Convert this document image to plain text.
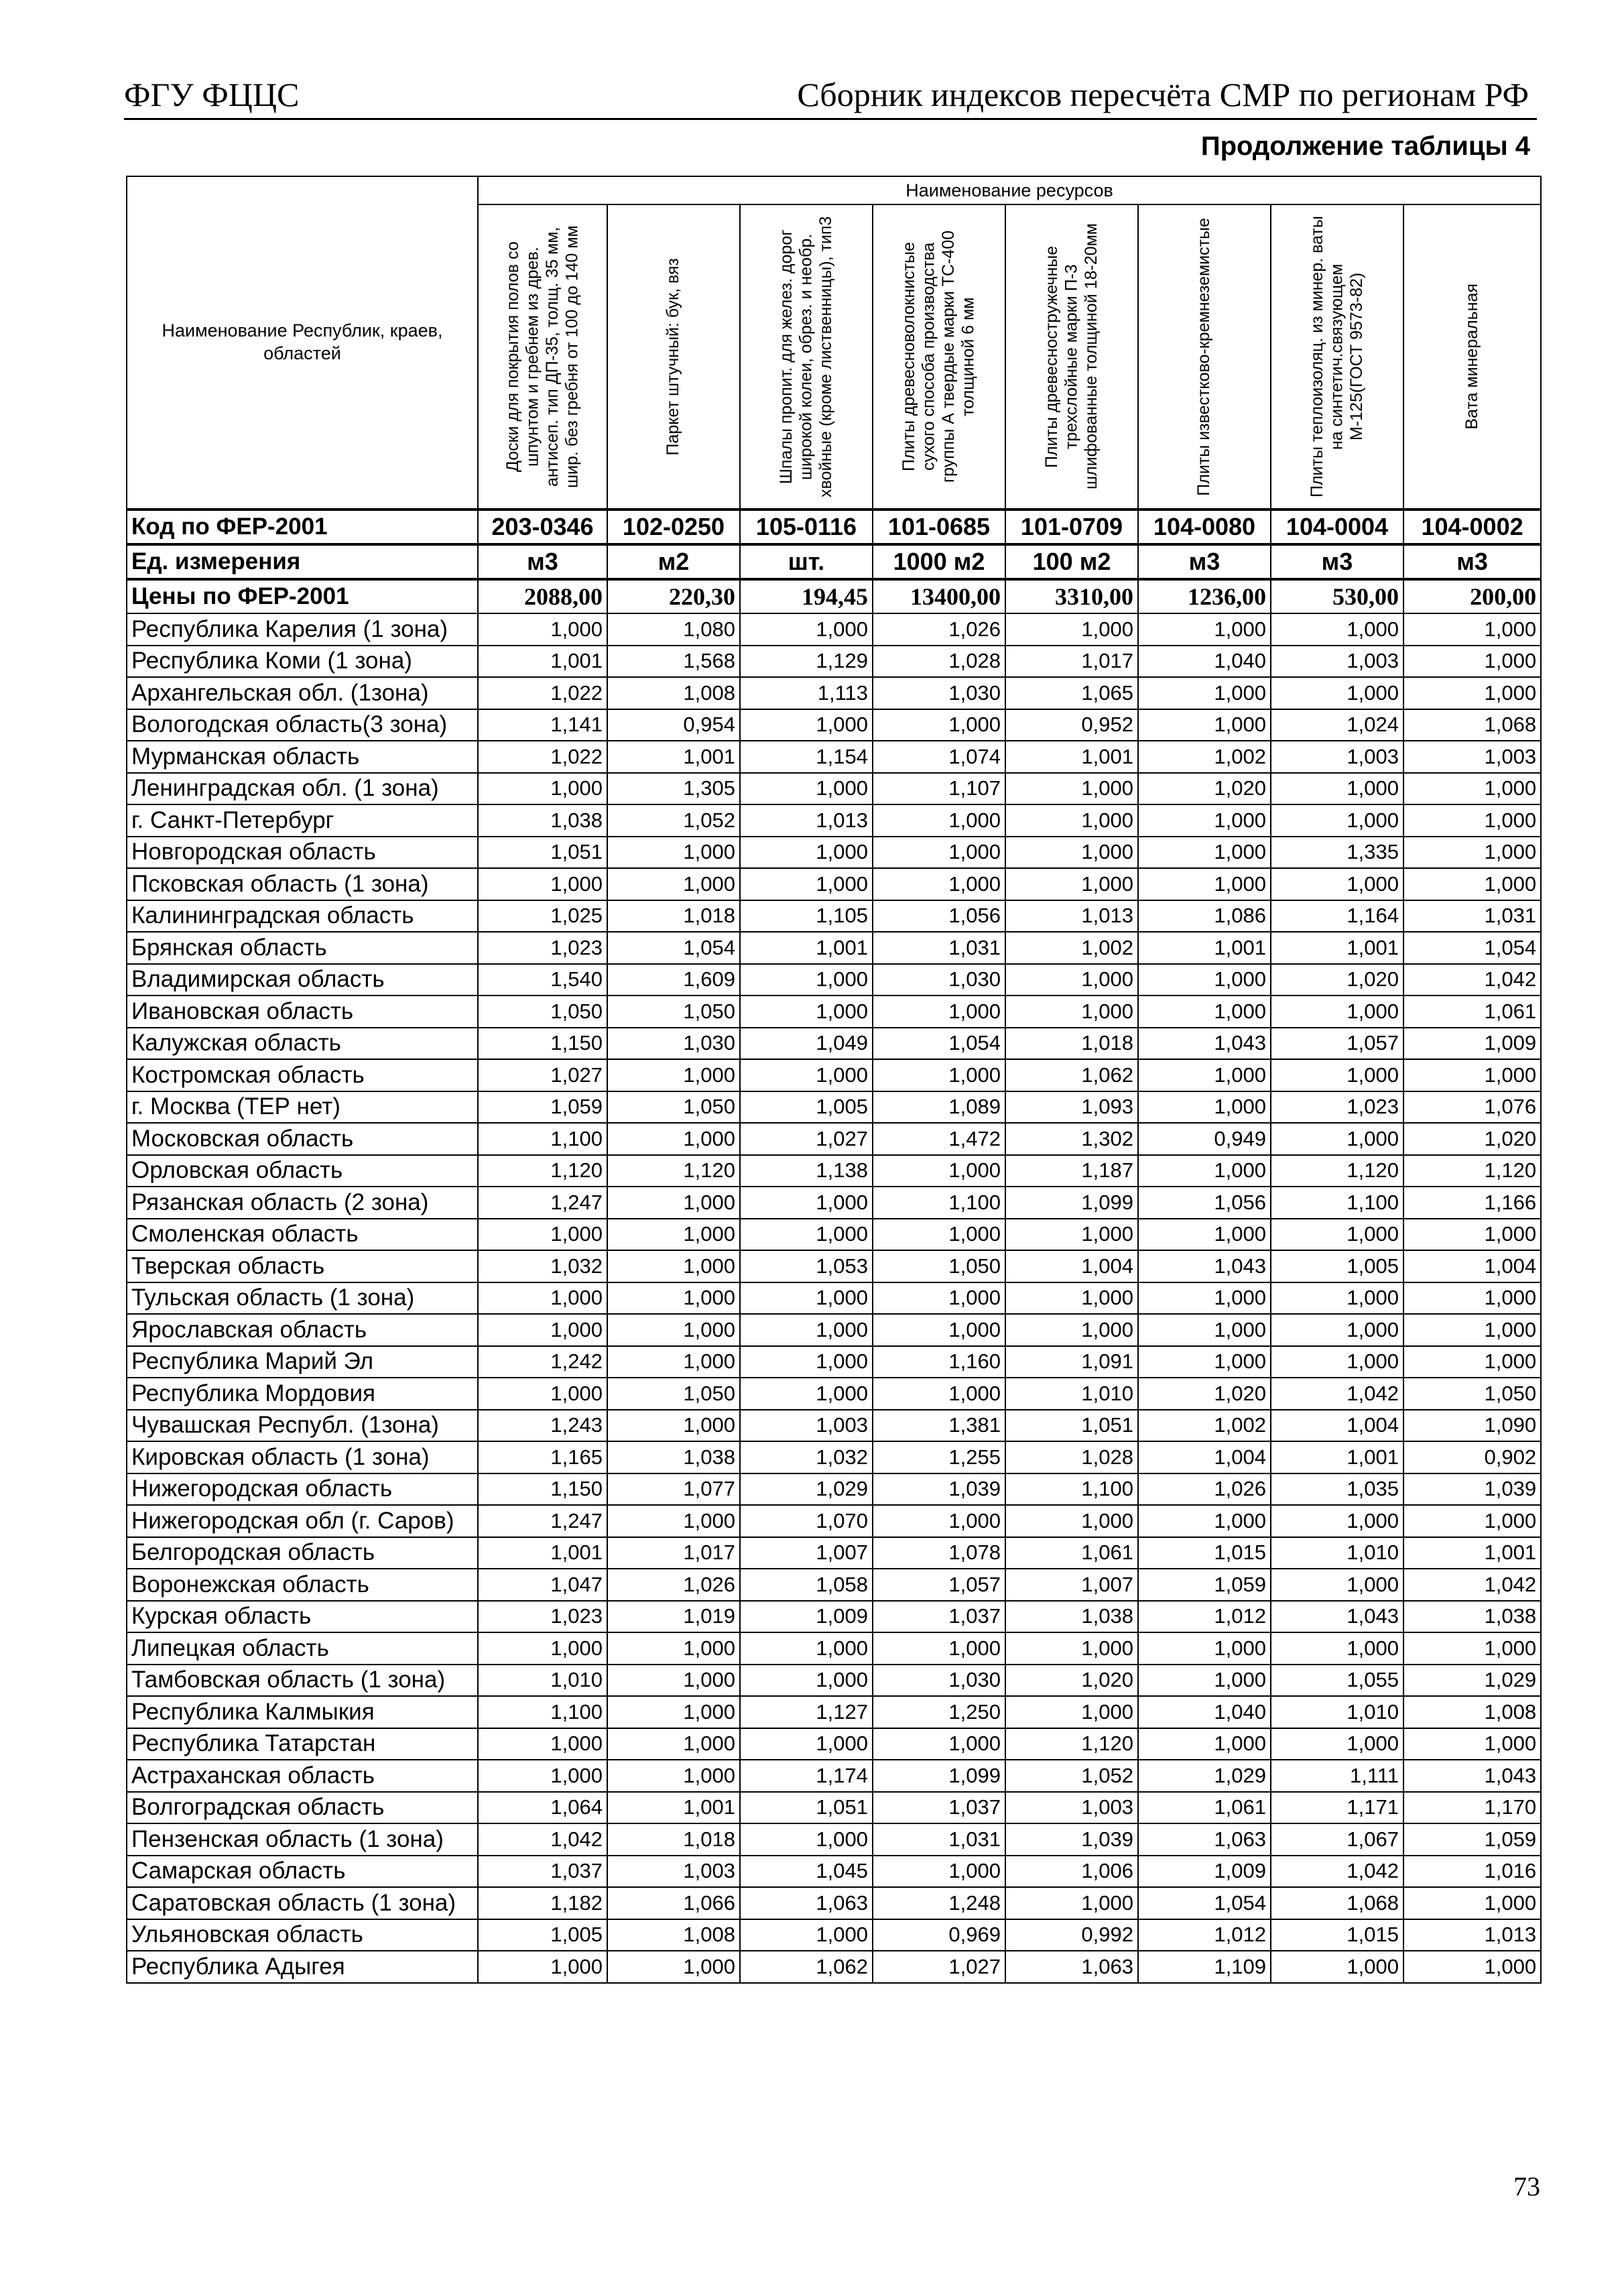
ФГУ ФЦЦС	Сборник индексов пересчёта СМР по регионам РФ
Продолжение таблицы 4
Наименование Республик, краев, областей	Наименование ресурсов							

	Доски для покрытия полов со шпунтом и гребнем из древ. антисеп. тип ДП-35, толщ. 35 мм, шир. без гребня от 100 до 140 мм	Паркет штучный: бук, вяз	Шпалы пропит. для желез. дорог широкой колеи, обрез. и необр. хвойные (кроме лиственницы), тип3	Плиты древесноволокнистые сухого способа производства группы А твердые марки ТС-400 толщиной 6 мм	Плиты древесностружечные трехслойные марки П-3 шлифованные толщиной 18-20мм	Плиты известково-кремнеземистые	Плиты теплоизоляц. из минер. ваты на синтетич.связующем М-125(ГОСТ 9573-82)	Вата минеральная

Код по ФЕР-2001	203-0346	102-0250	105-0116	101-0685	101-0709	104-0080	104-0004	104-0002
Ед. измерения	м3	м2	шт.	1000 м2	100 м2	м3	м3	м3
Цены по ФЕР-2001	2088,00	220,30	194,45	13400,00	3310,00	1236,00	530,00	200,00
Республика Карелия (1 зона)	1,000	1,080	1,000	1,026	1,000	1,000	1,000	1,000
Республика Коми (1 зона)	1,001	1,568	1,129	1,028	1,017	1,040	1,003	1,000
Архангельская обл. (1зона)	1,022	1,008	1,113	1,030	1,065	1,000	1,000	1,000
Вологодская область(3 зона)	1,141	0,954	1,000	1,000	0,952	1,000	1,024	1,068
Мурманская область	1,022	1,001	1,154	1,074	1,001	1,002	1,003	1,003
Ленинградская обл. (1 зона)	1,000	1,305	1,000	1,107	1,000	1,020	1,000	1,000
г. Санкт-Петербург	1,038	1,052	1,013	1,000	1,000	1,000	1,000	1,000
Новгородская область	1,051	1,000	1,000	1,000	1,000	1,000	1,335	1,000
Псковская область (1 зона)	1,000	1,000	1,000	1,000	1,000	1,000	1,000	1,000
Калининградская область	1,025	1,018	1,105	1,056	1,013	1,086	1,164	1,031
Брянская область	1,023	1,054	1,001	1,031	1,002	1,001	1,001	1,054
Владимирская область	1,540	1,609	1,000	1,030	1,000	1,000	1,020	1,042
Ивановская область	1,050	1,050	1,000	1,000	1,000	1,000	1,000	1,061
Калужская область	1,150	1,030	1,049	1,054	1,018	1,043	1,057	1,009
Костромская область	1,027	1,000	1,000	1,000	1,062	1,000	1,000	1,000
г. Москва (ТЕР нет)	1,059	1,050	1,005	1,089	1,093	1,000	1,023	1,076
Московская область	1,100	1,000	1,027	1,472	1,302	0,949	1,000	1,020
Орловская область	1,120	1,120	1,138	1,000	1,187	1,000	1,120	1,120
Рязанская область (2 зона)	1,247	1,000	1,000	1,100	1,099	1,056	1,100	1,166
Смоленская область	1,000	1,000	1,000	1,000	1,000	1,000	1,000	1,000
Тверская область	1,032	1,000	1,053	1,050	1,004	1,043	1,005	1,004
Тульская область (1 зона)	1,000	1,000	1,000	1,000	1,000	1,000	1,000	1,000
Ярославская область	1,000	1,000	1,000	1,000	1,000	1,000	1,000	1,000
Республика Марий Эл	1,242	1,000	1,000	1,160	1,091	1,000	1,000	1,000
Республика Мордовия	1,000	1,050	1,000	1,000	1,010	1,020	1,042	1,050
Чувашская Республ. (1зона)	1,243	1,000	1,003	1,381	1,051	1,002	1,004	1,090
Кировская область (1 зона)	1,165	1,038	1,032	1,255	1,028	1,004	1,001	0,902
Нижегородская область	1,150	1,077	1,029	1,039	1,100	1,026	1,035	1,039
Нижегородская обл (г. Саров)	1,247	1,000	1,070	1,000	1,000	1,000	1,000	1,000
Белгородская область	1,001	1,017	1,007	1,078	1,061	1,015	1,010	1,001
Воронежская область	1,047	1,026	1,058	1,057	1,007	1,059	1,000	1,042
Курская область	1,023	1,019	1,009	1,037	1,038	1,012	1,043	1,038
Липецкая область	1,000	1,000	1,000	1,000	1,000	1,000	1,000	1,000
Тамбовская область (1 зона)	1,010	1,000	1,000	1,030	1,020	1,000	1,055	1,029
Республика Калмыкия	1,100	1,000	1,127	1,250	1,000	1,040	1,010	1,008
Республика Татарстан	1,000	1,000	1,000	1,000	1,120	1,000	1,000	1,000
Астраханская область	1,000	1,000	1,174	1,099	1,052	1,029	1,111	1,043
Волгоградская область	1,064	1,001	1,051	1,037	1,003	1,061	1,171	1,170
Пензенская область (1 зона)	1,042	1,018	1,000	1,031	1,039	1,063	1,067	1,059
Самарская область	1,037	1,003	1,045	1,000	1,006	1,009	1,042	1,016
Саратовская область (1 зона)	1,182	1,066	1,063	1,248	1,000	1,054	1,068	1,000
Ульяновская область	1,005	1,008	1,000	0,969	0,992	1,012	1,015	1,013
Республика Адыгея	1,000	1,000	1,062	1,027	1,063	1,109	1,000	1,000
73
